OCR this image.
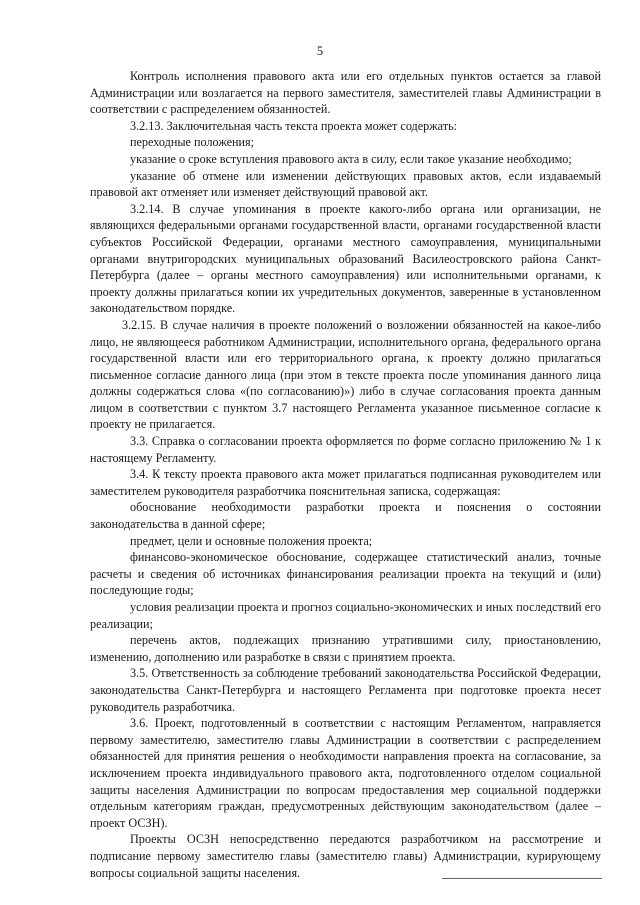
5

Контроль исполнения правового акта или его отдельных пунктов остается за главой Администрации или возлагается на первого заместителя, заместителей главы Администрации в соответствии с распределением обязанностей.

3.2.13. Заключительная часть текста проекта может содержать:

переходные положения;

указание о сроке вступления правового акта в силу, если такое указание необходимо;

указание об отмене или изменении действующих правовых актов, если издаваемый правовой акт отменяет или изменяет действующий правовой акт.

3.2.14. В случае упоминания в проекте какого-либо органа или организации, не являющихся федеральными органами государственной власти, органами государственной власти субъектов Российской Федерации, органами местного самоуправления, муниципальными органами внутригородских муниципальных образований Василеостровского района Санкт-Петербурга (далее – органы местного самоуправления) или исполнительными органами, к проекту должны прилагаться копии их учредительных документов, заверенные в установленном законодательством порядке.

3.2.15. В случае наличия в проекте положений о возложении обязанностей на какое-либо лицо, не являющееся работником Администрации, исполнительного органа, федерального органа государственной власти или его территориального органа, к проекту должно прилагаться письменное согласие данного лица (при этом в тексте проекта после упоминания данного лица должны содержаться слова «(по согласованию)») либо в случае согласования проекта данным лицом в соответствии с пунктом 3.7 настоящего Регламента указанное письменное согласие к проекту не прилагается.

3.3. Справка о согласовании проекта оформляется по форме согласно приложению № 1 к настоящему Регламенту.

3.4. К тексту проекта правового акта может прилагаться подписанная руководителем или заместителем руководителя разработчика пояснительная записка, содержащая:

обоснование необходимости разработки проекта и пояснения о состоянии законодательства в данной сфере;

предмет, цели и основные положения проекта;

финансово-экономическое обоснование, содержащее статистический анализ, точные расчеты и сведения об источниках финансирования реализации проекта на текущий и (или) последующие годы;

условия реализации проекта и прогноз социально-экономических и иных последствий его реализации;

перечень актов, подлежащих признанию утратившими силу, приостановлению, изменению, дополнению или разработке в связи с принятием проекта.

3.5. Ответственность за соблюдение требований законодательства Российской Федерации, законодательства Санкт-Петербурга и настоящего Регламента при подготовке проекта несет руководитель разработчика.

3.6. Проект, подготовленный в соответствии с настоящим Регламентом, направляется первому заместителю, заместителю главы Администрации в соответствии с распределением обязанностей для принятия решения о необходимости направления проекта на согласование, за исключением проекта индивидуального правового акта, подготовленного отделом социальной защиты населения Администрации по вопросам предоставления мер социальной поддержки отдельным категориям граждан, предусмотренных действующим законодательством (далее – проект ОСЗН).

Проекты ОСЗН непосредственно передаются разработчиком на рассмотрение и подписание первому заместителю главы (заместителю главы) Администрации, курирующему вопросы социальной защиты населения.
